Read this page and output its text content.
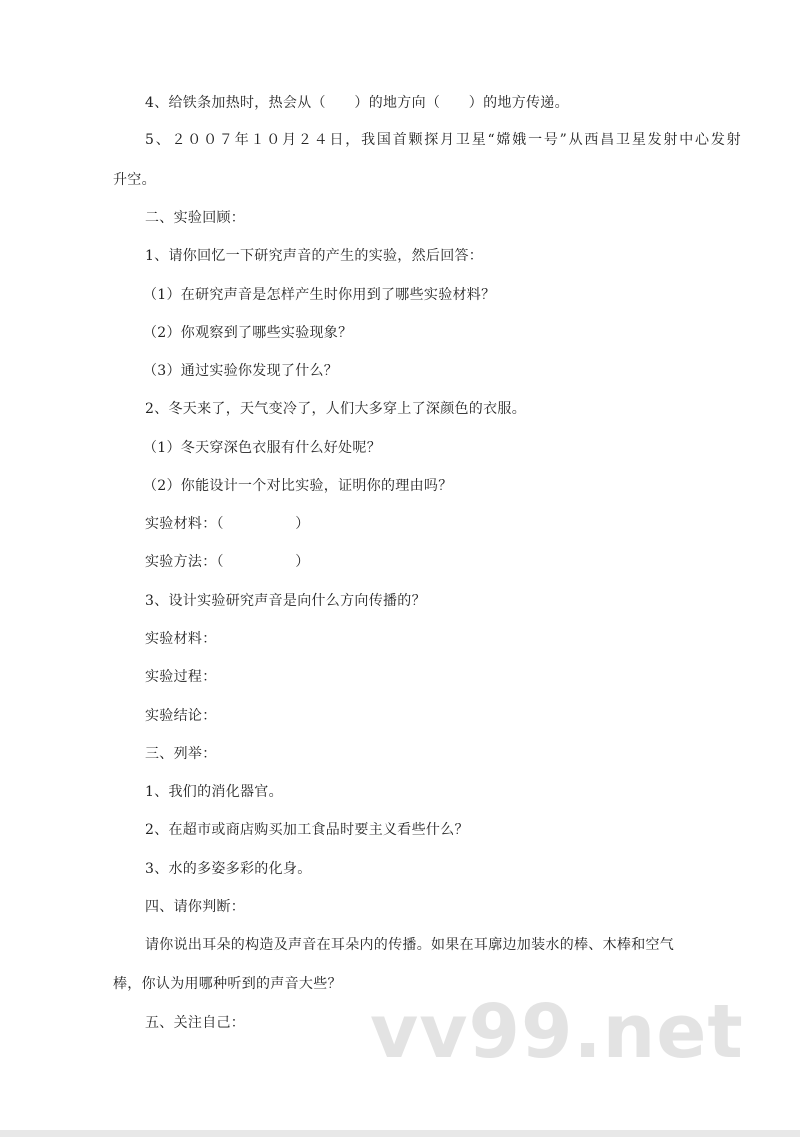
4、给铁条加热时，热会从（　　）的地方向（　　）的地方传递。
5、２００７年１０月２４日，我国首颗探月卫星“嫦娥一号”从西昌卫星发射中心发射
升空。
二、实验回顾：
1、请你回忆一下研究声音的产生的实验，然后回答：
（1）在研究声音是怎样产生时你用到了哪些实验材料？
（2）你观察到了哪些实验现象？
（3）通过实验你发现了什么？
2、冬天来了，天气变冷了，人们大多穿上了深颜色的衣服。
（1）冬天穿深色衣服有什么好处呢？
（2）你能设计一个对比实验，证明你的理由吗？
实验材料：（　　　　　）
实验方法：（　　　　　）
3、设计实验研究声音是向什么方向传播的？
实验材料：
实验过程：
实验结论：
三、列举：
1、我们的消化器官。
2、在超市或商店购买加工食品时要主义看些什么？
3、水的多姿多彩的化身。
四、请你判断：
请你说出耳朵的构造及声音在耳朵内的传播。如果在耳廓边加装水的棒、木棒和空气
棒，你认为用哪种听到的声音大些？
五、关注自己： vv99.net
